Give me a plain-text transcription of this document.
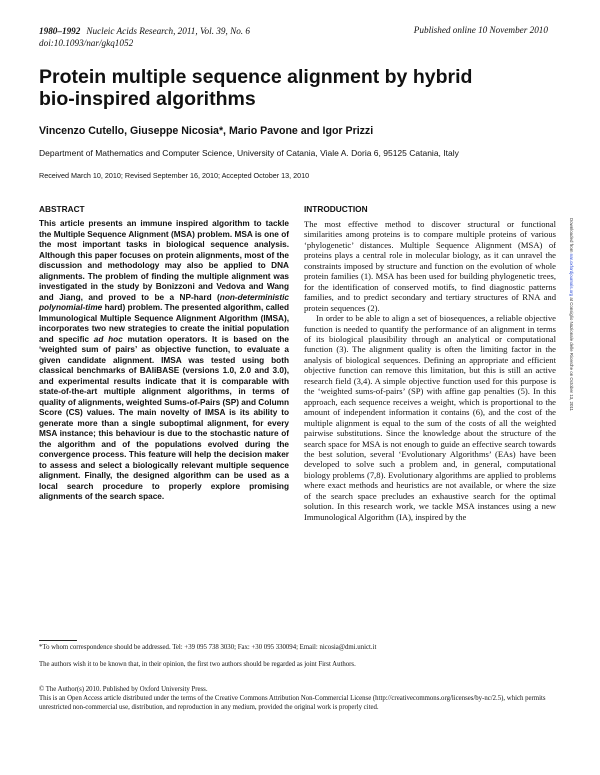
1980–1992 Nucleic Acids Research, 2011, Vol. 39, No. 6
doi:10.1093/nar/gkq1052
Published online 10 November 2010
Protein multiple sequence alignment by hybrid
bio-inspired algorithms
Vincenzo Cutello, Giuseppe Nicosia*, Mario Pavone and Igor Prizzi
Department of Mathematics and Computer Science, University of Catania, Viale A. Doria 6, 95125 Catania, Italy
Received March 10, 2010; Revised September 16, 2010; Accepted October 13, 2010
ABSTRACT

This article presents an immune inspired algorithm to tackle the Multiple Sequence Alignment (MSA) problem. MSA is one of the most important tasks in biological sequence analysis. Although this paper focuses on protein alignments, most of the discussion and methodology may also be applied to DNA alignments. The problem of finding the multiple alignment was investigated in the study by Bonizzoni and Vedova and Wang and Jiang, and proved to be a NP-hard (non-deterministic polynomial-time hard) problem. The presented algorithm, called Immunological Multiple Sequence Alignment Algorithm (IMSA), incorporates two new strategies to create the initial population and specific ad hoc mutation operators. It is based on the ‘weighted sum of pairs’ as objective function, to evaluate a given candidate alignment. IMSA was tested using both classical benchmarks of BAliBASE (versions 1.0, 2.0 and 3.0), and experimental results indicate that it is comparable with state-of-the-art multiple alignment algorithms, in terms of quality of alignments, weighted Sums-of-Pairs (SP) and Column Score (CS) values. The main novelty of IMSA is its ability to generate more than a single suboptimal alignment, for every MSA instance; this behaviour is due to the stochastic nature of the algorithm and of the populations evolved during the convergence process. This feature will help the decision maker to assess and select a biologically relevant multiple sequence alignment. Finally, the designed algorithm can be used as a local search procedure to properly explore promising alignments of the search space.

INTRODUCTION

The most effective method to discover structural or functional similarities among proteins is to compare multiple proteins of various ‘phylogenetic’ distances. Multiple Sequence Alignment (MSA) of proteins plays a central role in molecular biology, as it can unravel the constraints imposed by structure and function on the evolution of whole protein families (1). MSA has been used for building phylogenetic trees, for the identification of conserved motifs, to find diagnostic patterns families, and to predict secondary and tertiary structures of RNA and protein sequences (2).

In order to be able to align a set of biosequences, a reliable objective function is needed to quantify the performance of an alignment in terms of its biological plausibility through an analytical or computational function (3). The alignment quality is often the limiting factor in the analysis of biological sequences. Defining an appropriate and efficient objective function can remove this limitation, but this is still an active research field (3,4). A simple objective function used for this purpose is the ‘weighted sums-of-pairs’ (SP) with affine gap penalties (5). In this approach, each sequence receives a weight, which is proportional to the amount of independent information it contains (6), and the cost of the multiple alignment is equal to the sum of the costs of all the weighted pairwise substitutions. Since the knowledge about the structure of the search space for MSA is not enough to guide an effective search towards the best solution, several ‘Evolutionary Algorithms’ (EAs) have been developed to solve such a problem and, in general, computational biology problems (7,8). Evolutionary algorithms are applied to problems where exact methods and heuristics are not available, or where the size of the search space precludes an exhaustive search for the optimal solution. In this research work, we tackle MSA instances using a new Immunological Algorithm (IA), inspired by the

Downloaded from nar.oxfordjournals.org at Consiglio Nazionale delle Ricerche on October 13, 2011

*To whom correspondence should be addressed. Tel: +39 095 738 3030; Fax: +30 095 330094; Email: nicosia@dmi.unict.it

The authors wish it to be known that, in their opinion, the first two authors should be regarded as joint First Authors.

© The Author(s) 2010. Published by Oxford University Press.

This is an Open Access article distributed under the terms of the Creative Commons Attribution Non-Commercial License (http://creativecommons.org/licenses/by-nc/2.5), which permits unrestricted non-commercial use, distribution, and reproduction in any medium, provided the original work is properly cited.
